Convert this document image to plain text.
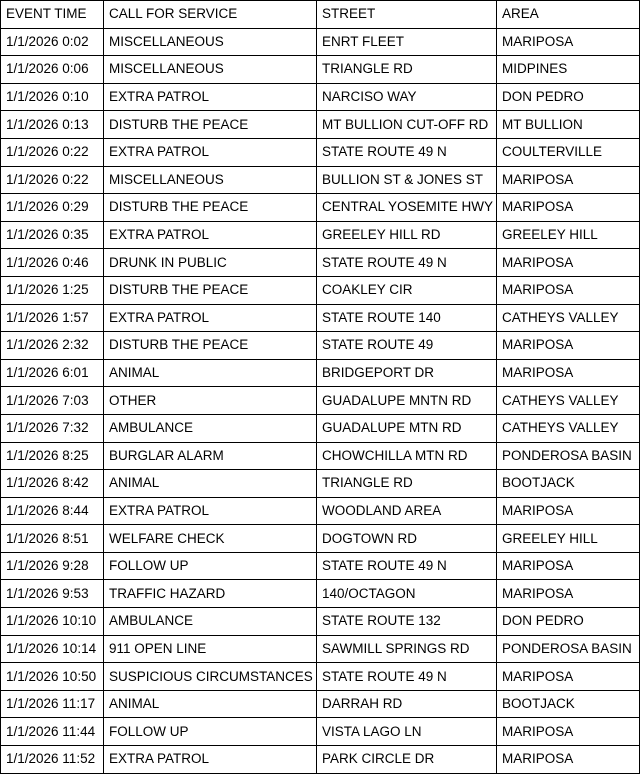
EVENT TIME	CALL FOR SERVICE	STREET	AREA
1/1/2026 0:02	MISCELLANEOUS	ENRT FLEET	MARIPOSA
1/1/2026 0:06	MISCELLANEOUS	TRIANGLE RD	MIDPINES
1/1/2026 0:10	EXTRA PATROL	NARCISO WAY	DON PEDRO
1/1/2026 0:13	DISTURB THE PEACE	MT BULLION CUT-OFF RD	MT BULLION
1/1/2026 0:22	EXTRA PATROL	STATE ROUTE 49 N	COULTERVILLE
1/1/2026 0:22	MISCELLANEOUS	BULLION ST & JONES ST	MARIPOSA
1/1/2026 0:29	DISTURB THE PEACE	CENTRAL YOSEMITE HWY	MARIPOSA
1/1/2026 0:35	EXTRA PATROL	GREELEY HILL RD	GREELEY HILL
1/1/2026 0:46	DRUNK IN PUBLIC	STATE ROUTE 49 N	MARIPOSA
1/1/2026 1:25	DISTURB THE PEACE	COAKLEY CIR	MARIPOSA
1/1/2026 1:57	EXTRA PATROL	STATE ROUTE 140	CATHEYS VALLEY
1/1/2026 2:32	DISTURB THE PEACE	STATE ROUTE 49	MARIPOSA
1/1/2026 6:01	ANIMAL	BRIDGEPORT DR	MARIPOSA
1/1/2026 7:03	OTHER	GUADALUPE MNTN RD	CATHEYS VALLEY
1/1/2026 7:32	AMBULANCE	GUADALUPE MTN RD	CATHEYS VALLEY
1/1/2026 8:25	BURGLAR ALARM	CHOWCHILLA MTN RD	PONDEROSA BASIN
1/1/2026 8:42	ANIMAL	TRIANGLE RD	BOOTJACK
1/1/2026 8:44	EXTRA PATROL	WOODLAND AREA	MARIPOSA
1/1/2026 8:51	WELFARE CHECK	DOGTOWN RD	GREELEY HILL
1/1/2026 9:28	FOLLOW UP	STATE ROUTE 49 N	MARIPOSA
1/1/2026 9:53	TRAFFIC HAZARD	140/OCTAGON	MARIPOSA
1/1/2026 10:10	AMBULANCE	STATE ROUTE 132	DON PEDRO
1/1/2026 10:14	911 OPEN LINE	SAWMILL SPRINGS RD	PONDEROSA BASIN
1/1/2026 10:50	SUSPICIOUS CIRCUMSTANCES	STATE ROUTE 49 N	MARIPOSA
1/1/2026 11:17	ANIMAL	DARRAH RD	BOOTJACK
1/1/2026 11:44	FOLLOW UP	VISTA LAGO LN	MARIPOSA
1/1/2026 11:52	EXTRA PATROL	PARK CIRCLE DR	MARIPOSA
